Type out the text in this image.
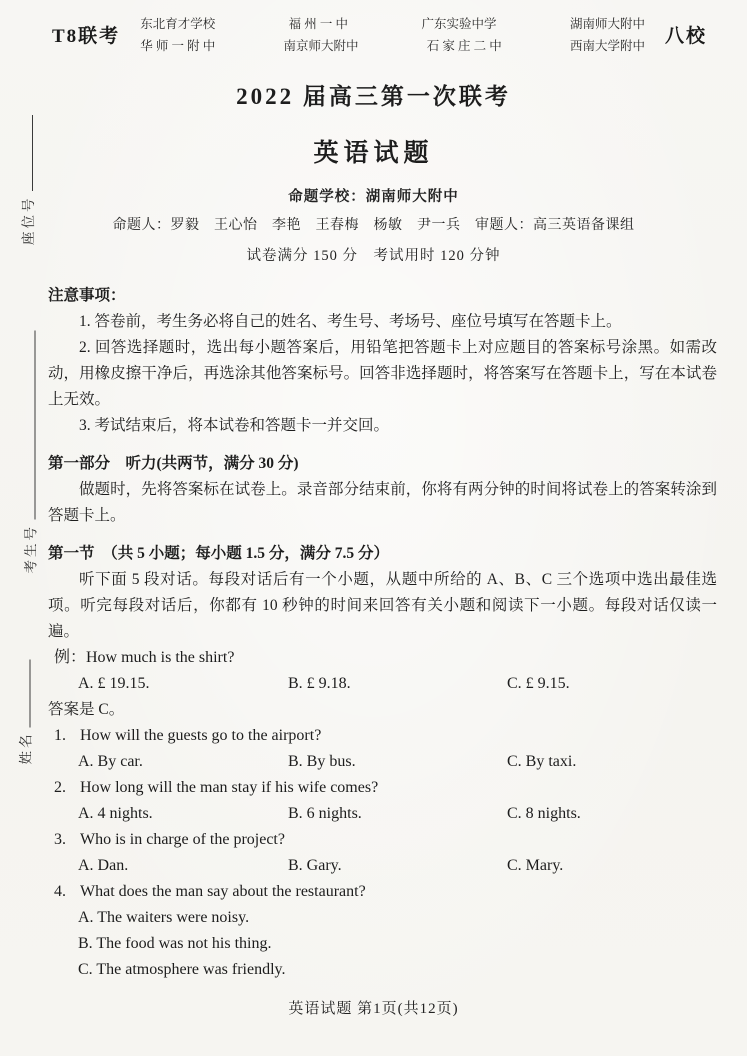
座位号
考生号
姓名
T8联考
东北育才学校	福 州 一 中	广东实验中学	湖南师大附中
华 师 一 附 中	南京师大附中	石 家 庄 二 中	西南大学附中 八校
2022 届高三第一次联考
英语试题
命题学校：湖南师大附中
命题人：罗毅　王心怡　李艳　王春梅　杨敏　尹一兵　审题人：高三英语备课组
试卷满分 150 分　考试用时 120 分钟
注意事项：
1. 答卷前，考生务必将自己的姓名、考生号、考场号、座位号填写在答题卡上。
2. 回答选择题时，选出每小题答案后，用铅笔把答题卡上对应题目的答案标号涂黑。如需改动，用橡皮擦干净后，再选涂其他答案标号。回答非选择题时，将答案写在答题卡上，写在本试卷上无效。
3. 考试结束后，将本试卷和答题卡一并交回。
第一部分　听力(共两节，满分 30 分)
做题时，先将答案标在试卷上。录音部分结束前，你将有两分钟的时间将试卷上的答案转涂到答题卡上。
第一节　（共 5 小题；每小题 1.5 分，满分 7.5 分）
听下面 5 段对话。每段对话后有一个小题，从题中所给的 A、B、C 三个选项中选出最佳选项。听完每段对话后，你都有 10 秒钟的时间来回答有关小题和阅读下一小题。每段对话仅读一遍。
例：How much is the shirt?
A. £ 19.15.	B. £ 9.18.	C. £ 9.15.
答案是 C。
1. How will the guests go to the airport?
A. By car.	B. By bus.	C. By taxi.
2. How long will the man stay if his wife comes?
A. 4 nights.	B. 6 nights.	C. 8 nights.
3. Who is in charge of the project?
A. Dan.	B. Gary.	C. Mary.
4. What does the man say about the restaurant?
A. The waiters were noisy.
B. The food was not his thing.
C. The atmosphere was friendly.
英语试题 第1页(共12页)
